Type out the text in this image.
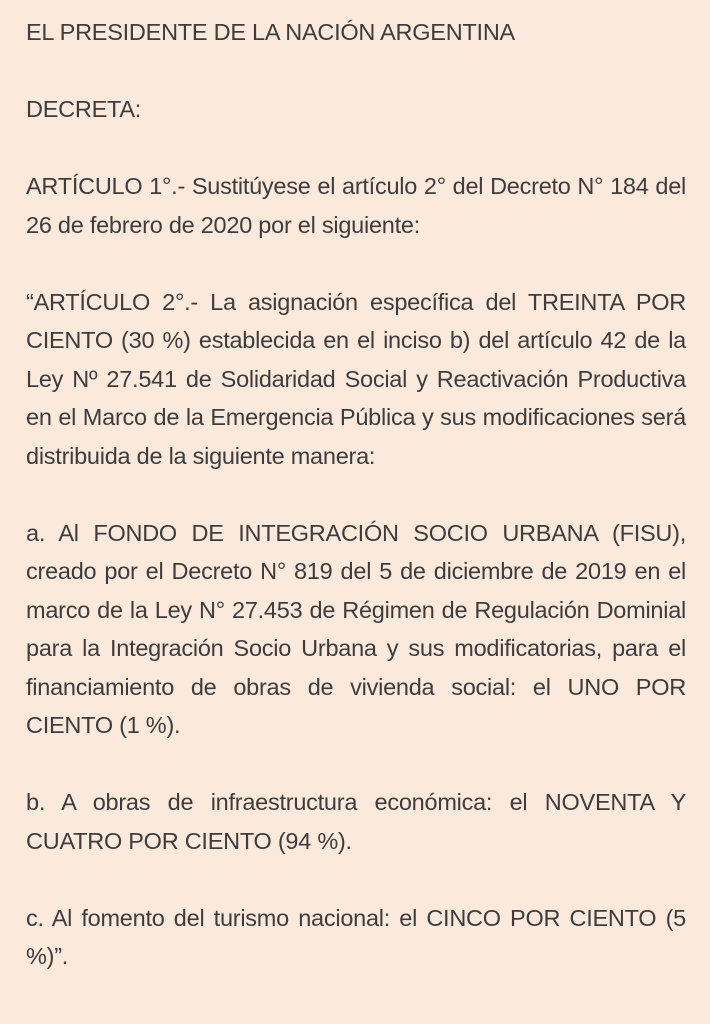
EL PRESIDENTE DE LA NACIÓN ARGENTINA

DECRETA:

ARTÍCULO 1°.- Sustitúyese el artículo 2° del Decreto N° 184 del 26 de febrero de 2020 por el siguiente:

“ARTÍCULO 2°.- La asignación específica del TREINTA POR CIENTO (30 %) establecida en el inciso b) del artículo 42 de la Ley Nº 27.541 de Solidaridad Social y Reactivación Productiva en el Marco de la Emergencia Pública y sus modificaciones será distribuida de la siguiente manera:

a. Al FONDO DE INTEGRACIÓN SOCIO URBANA (FISU), creado por el Decreto N° 819 del 5 de diciembre de 2019 en el marco de la Ley N° 27.453 de Régimen de Regulación Dominial para la Integración Socio Urbana y sus modificatorias, para el financiamiento de obras de vivienda social: el UNO POR CIENTO (1 %).

b. A obras de infraestructura económica: el NOVENTA Y CUATRO POR CIENTO (94 %).

c. Al fomento del turismo nacional: el CINCO POR CIENTO (5 %)”.
